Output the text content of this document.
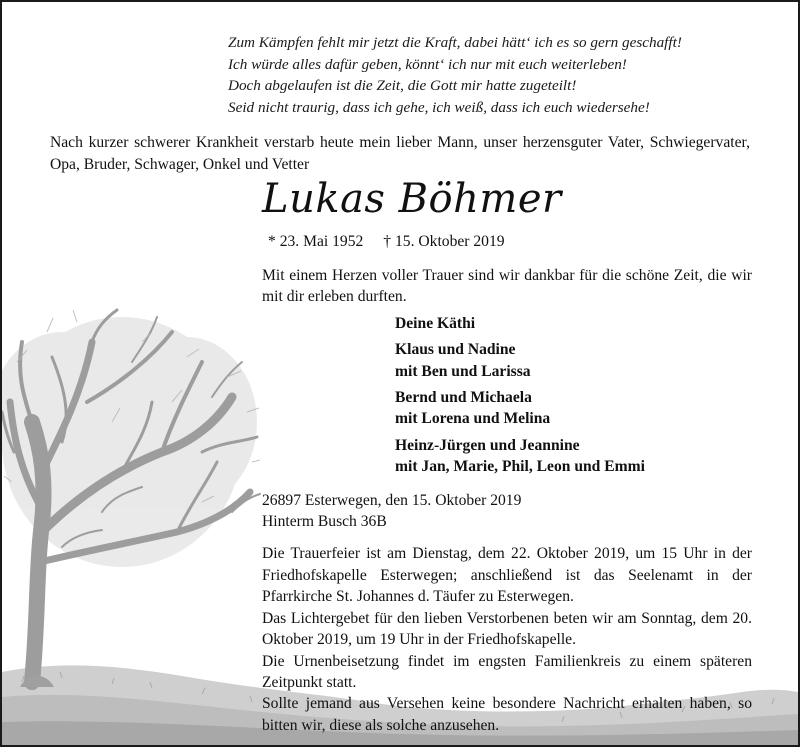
Zum Kämpfen fehlt mir jetzt die Kraft, dabei hätt‘ ich es so gern geschafft!
Ich würde alles dafür geben, könnt‘ ich nur mit euch weiterleben!
Doch abgelaufen ist die Zeit, die Gott mir hatte zugeteilt!
Seid nicht traurig, dass ich gehe, ich weiß, dass ich euch wiedersehe!
Nach kurzer schwerer Krankheit verstarb heute mein lieber Mann, unser herzensguter Vater, Schwiegervater, Opa, Bruder, Schwager, Onkel und Vetter
Lukas Böhmer
* 23. Mai 1952 † 15. Oktober 2019

Mit einem Herzen voller Trauer sind wir dankbar für die schöne Zeit, die wir mit dir erleben durften.

Deine Käthi
Klaus und Nadine
mit Ben und Larissa
Bernd und Michaela
mit Lorena und Melina
Heinz-Jürgen und Jeannine
mit Jan, Marie, Phil, Leon und Emmi

26897 Esterwegen, den 15. Oktober 2019

Hinterm Busch 36B

Die Trauerfeier ist am Dienstag, dem 22. Oktober 2019, um 15 Uhr in der Friedhofskapelle Esterwegen; anschließend ist das Seelenamt in der Pfarrkirche St. Johannes d. Täufer zu Esterwegen.

Das Lichtergebet für den lieben Verstorbenen beten wir am Sonntag, dem 20. Oktober 2019, um 19 Uhr in der Friedhofskapelle.

Die Urnenbeisetzung findet im engsten Familienkreis zu einem späteren Zeitpunkt statt.

Sollte jemand aus Versehen keine besondere Nachricht erhalten haben, so bitten wir, diese als solche anzusehen.
